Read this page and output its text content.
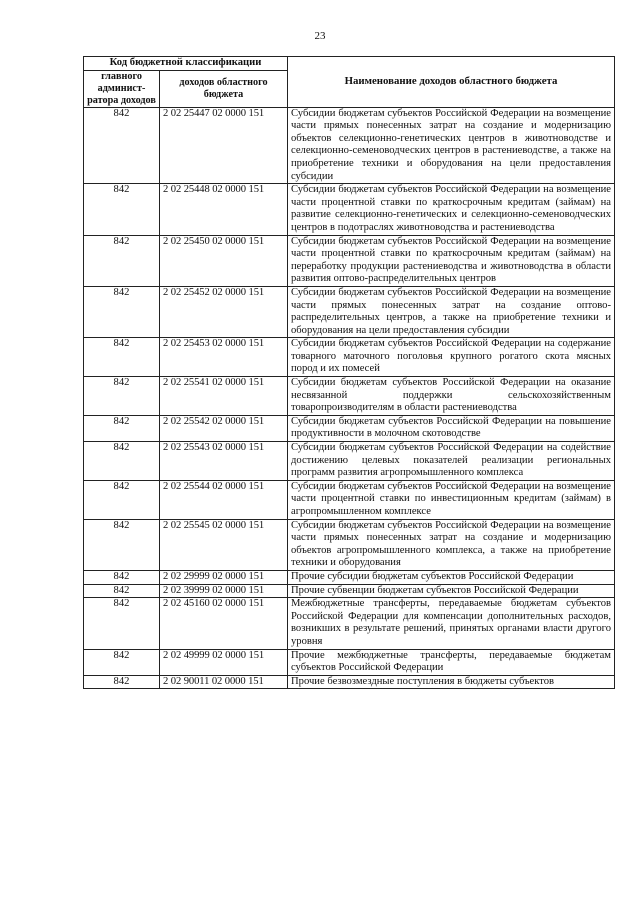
23
Код бюджетной классификации		Наименование доходов областного бюджета
главного админист-ратора доходов	доходов областного бюджета	
842	2 02 25447 02 0000 151	Субсидии бюджетам субъектов Российской Федерации на возмещение части прямых понесенных затрат на создание и модернизацию объектов селекционно-генетических центров в животноводстве и селекционно-семеноводческих центров в растениеводстве, а также на приобретение техники и оборудования на цели предоставления субсидии
842	2 02 25448 02 0000 151	Субсидии бюджетам субъектов Российской Федерации на возмещение части процентной ставки по краткосрочным кредитам (займам) на развитие селекционно-генетических и селекционно-семеноводческих центров в подотраслях животноводства и растениеводства
842	2 02 25450 02 0000 151	Субсидии бюджетам субъектов Российской Федерации на возмещение части процентной ставки по краткосрочным кредитам (займам) на переработку продукции растениеводства и животноводства в области развития оптово-распределительных центров
842	2 02 25452 02 0000 151	Субсидии бюджетам субъектов Российской Федерации на возмещение части прямых понесенных затрат на создание оптово-распределительных центров, а также на приобретение техники и оборудования на цели предоставления субсидии
842	2 02 25453 02 0000 151	Субсидии бюджетам субъектов Российской Федерации на содержание товарного маточного поголовья крупного рогатого скота мясных пород и их помесей
842	2 02 25541 02 0000 151	Субсидии бюджетам субъектов Российской Федерации на оказание несвязанной поддержки сельскохозяйственным товаропроизводителям в области растениеводства
842	2 02 25542 02 0000 151	Субсидии бюджетам субъектов Российской Федерации на повышение продуктивности в молочном скотоводстве
842	2 02 25543 02 0000 151	Субсидии бюджетам субъектов Российской Федерации на содействие достижению целевых показателей реализации региональных программ развития агропромышленного комплекса
842	2 02 25544 02 0000 151	Субсидии бюджетам субъектов Российской Федерации на возмещение части процентной ставки по инвестиционным кредитам (займам) в агропромышленном комплексе
842	2 02 25545 02 0000 151	Субсидии бюджетам субъектов Российской Федерации на возмещение части прямых понесенных затрат на создание и модернизацию объектов агропромышленного комплекса, а также на приобретение техники и оборудования
842	2 02 29999 02 0000 151	Прочие субсидии бюджетам субъектов Российской Федерации
842	2 02 39999 02 0000 151	Прочие субвенции бюджетам субъектов Российской Федерации
842	2 02 45160 02 0000 151	Межбюджетные трансферты, передаваемые бюджетам субъектов Российской Федерации для компенсации дополнительных расходов, возникших в результате решений, принятых органами власти другого уровня
842	2 02 49999 02 0000 151	Прочие межбюджетные трансферты, передаваемые бюджетам субъектов Российской Федерации
842	2 02 90011 02 0000 151	Прочие безвозмездные поступления в бюджеты субъектов
